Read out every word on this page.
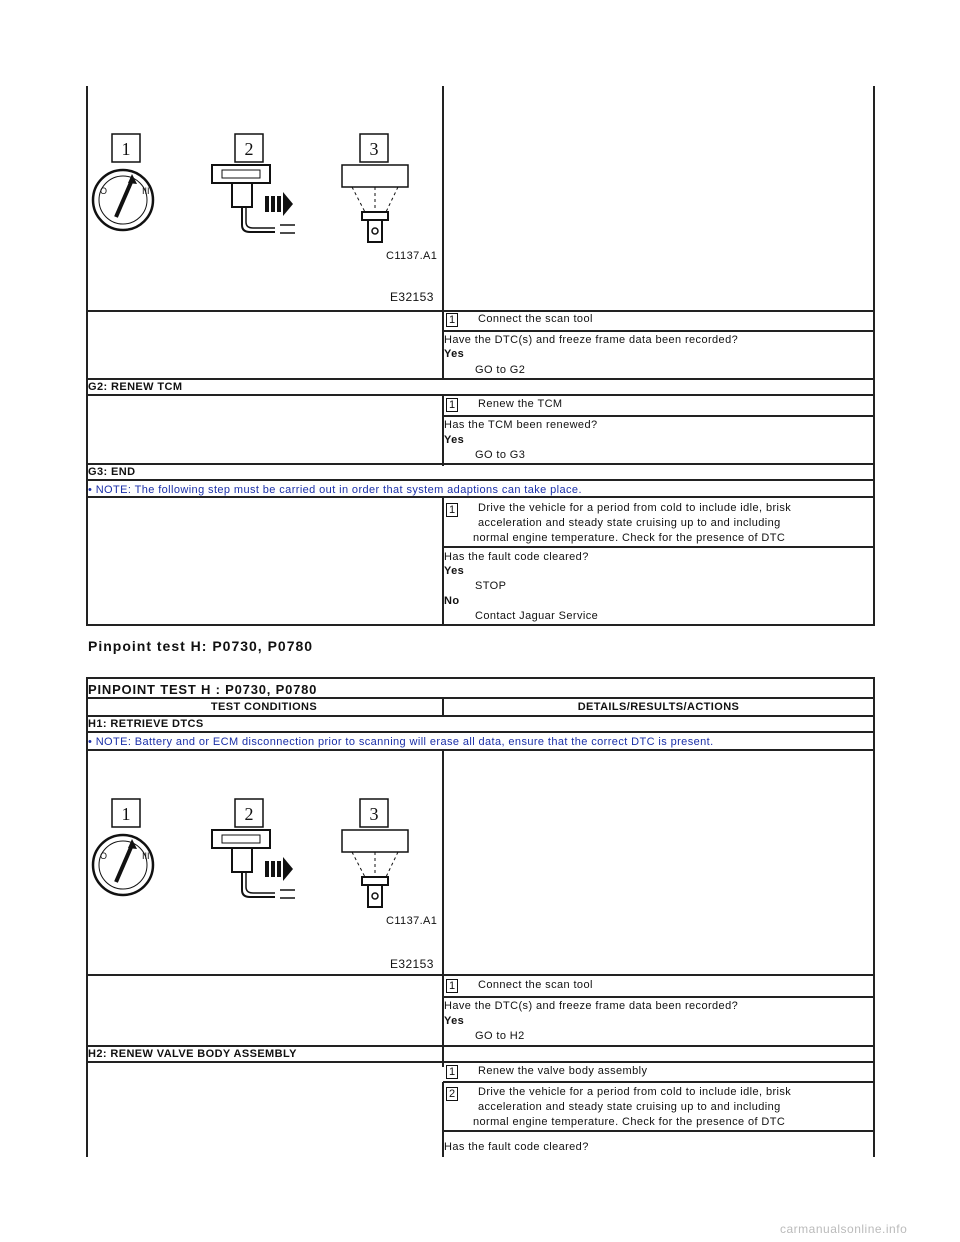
1
O	III
2	3
C1137.A1
E32153
1 Connect the scan tool
Have the DTC(s) and freeze frame data been recorded?
Yes
GO to G2
G2: RENEW TCM
1 Renew the TCM
Has the TCM been renewed?
Yes
GO to G3
G3: END
• NOTE: The following step must be carried out in order that system adaptions can take place.
1 Drive the vehicle for a period from cold to include idle, brisk
acceleration and steady state cruising up to and including
normal engine temperature. Check for the presence of DTC
Has the fault code cleared?
Yes
STOP
No
Contact Jaguar Service
Pinpoint test H: P0730, P0780
PINPOINT TEST H : P0730, P0780
TEST CONDITIONS	DETAILS/RESULTS/ACTIONS
H1: RETRIEVE DTCS
• NOTE: Battery and or ECM disconnection prior to scanning will erase all data, ensure that the correct DTC is present.
1
O	III
2	3
C1137.A1
E32153
1 Connect the scan tool
Have the DTC(s) and freeze frame data been recorded?
Yes
GO to H2
H2: RENEW VALVE BODY ASSEMBLY
1 Renew the valve body assembly
2 Drive the vehicle for a period from cold to include idle, brisk
acceleration and steady state cruising up to and including
normal engine temperature. Check for the presence of DTC
Has the fault code cleared?
carmanualsonline.info
